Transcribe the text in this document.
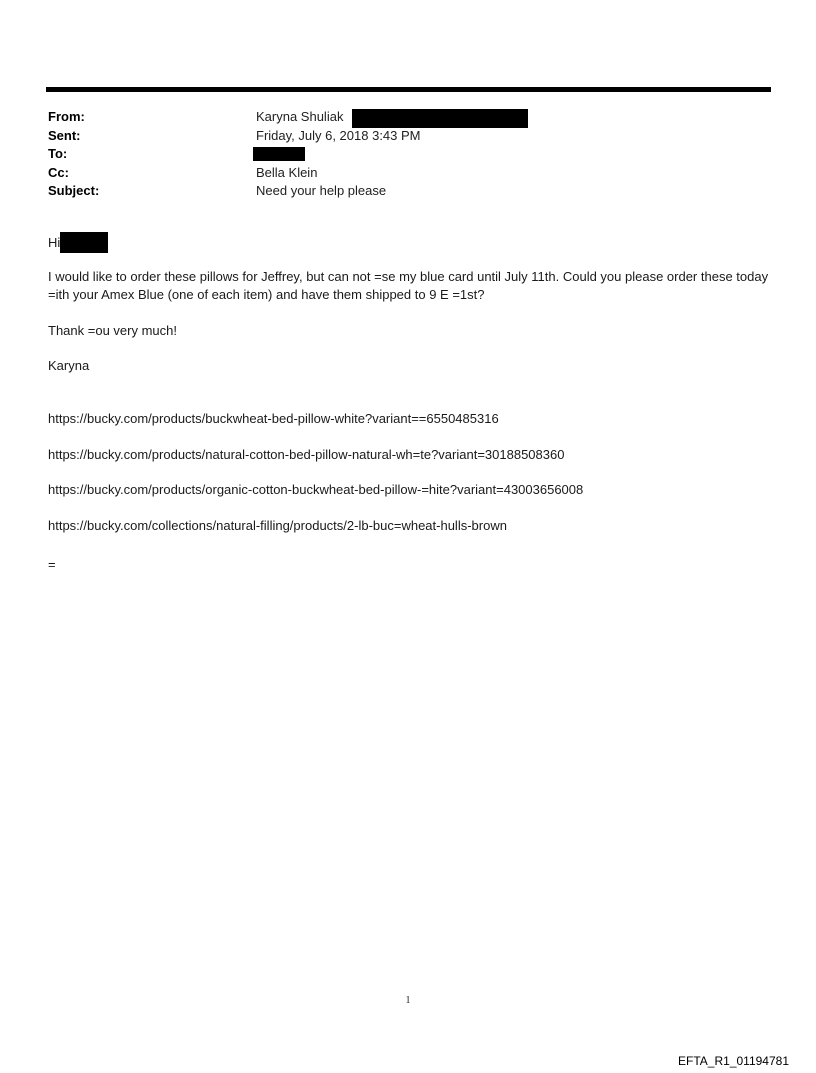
From:	Karyna Shuliak
Sent:	Friday, July 6, 2018 3:43 PM
To:
Cc:	Bella Klein
Subject:	Need your help please
Hi

I would like to order these pillows for Jeffrey, but can not =se my blue card until July 11th. Could you please order these today =ith your Amex Blue (one of each item) and have them shipped to 9 E =1st?

Thank =ou very much!

Karyna

https://bucky.com/products/buckwheat-bed-pillow-white?variant==6550485316
https://bucky.com/products/natural-cotton-bed-pillow-natural-wh=te?variant=30188508360
https://bucky.com/products/organic-cotton-buckwheat-bed-pillow-=hite?variant=43003656008
https://bucky.com/collections/natural-filling/products/2-lb-buc=wheat-hulls-brown
=
1
EFTA_R1_01194781
